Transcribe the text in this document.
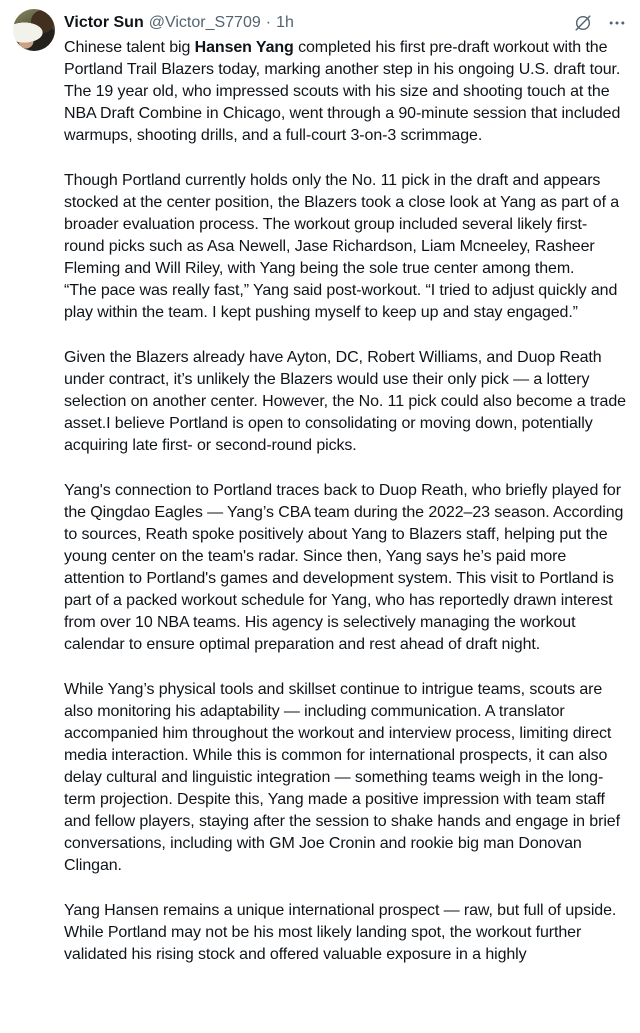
Victor Sun @Victor_S7709 · 1h

Chinese talent big Hansen Yang completed his first pre-draft workout with the Portland Trail Blazers today, marking another step in his ongoing U.S. draft tour. The 19 year old, who impressed scouts with his size and shooting touch at the NBA Draft Combine in Chicago, went through a 90-minute session that included warmups, shooting drills, and a full-court 3-on-3 scrimmage.

Though Portland currently holds only the No. 11 pick in the draft and appears stocked at the center position, the Blazers took a close look at Yang as part of a broader evaluation process. The workout group included several likely first-round picks such as Asa Newell, Jase Richardson, Liam Mcneeley, Rasheer Fleming and Will Riley, with Yang being the sole true center among them.
“The pace was really fast,” Yang said post-workout. “I tried to adjust quickly and play within the team. I kept pushing myself to keep up and stay engaged.”

Given the Blazers already have Ayton, DC, Robert Williams, and Duop Reath under contract, it’s unlikely the Blazers would use their only pick — a lottery selection on another center. However, the No. 11 pick could also become a trade asset.I believe Portland is open to consolidating or moving down, potentially acquiring late first- or second-round picks.

Yang's connection to Portland traces back to Duop Reath, who briefly played for the Qingdao Eagles — Yang’s CBA team during the 2022–23 season. According to sources, Reath spoke positively about Yang to Blazers staff, helping put the young center on the team's radar. Since then, Yang says he’s paid more attention to Portland's games and development system. This visit to Portland is part of a packed workout schedule for Yang, who has reportedly drawn interest from over 10 NBA teams. His agency is selectively managing the workout calendar to ensure optimal preparation and rest ahead of draft night.

While Yang’s physical tools and skillset continue to intrigue teams, scouts are also monitoring his adaptability — including communication. A translator accompanied him throughout the workout and interview process, limiting direct media interaction. While this is common for international prospects, it can also delay cultural and linguistic integration — something teams weigh in the long-term projection. Despite this, Yang made a positive impression with team staff and fellow players, staying after the session to shake hands and engage in brief conversations, including with GM Joe Cronin and rookie big man Donovan Clingan.

Yang Hansen remains a unique international prospect — raw, but full of upside. While Portland may not be his most likely landing spot, the workout further validated his rising stock and offered valuable exposure in a highly
